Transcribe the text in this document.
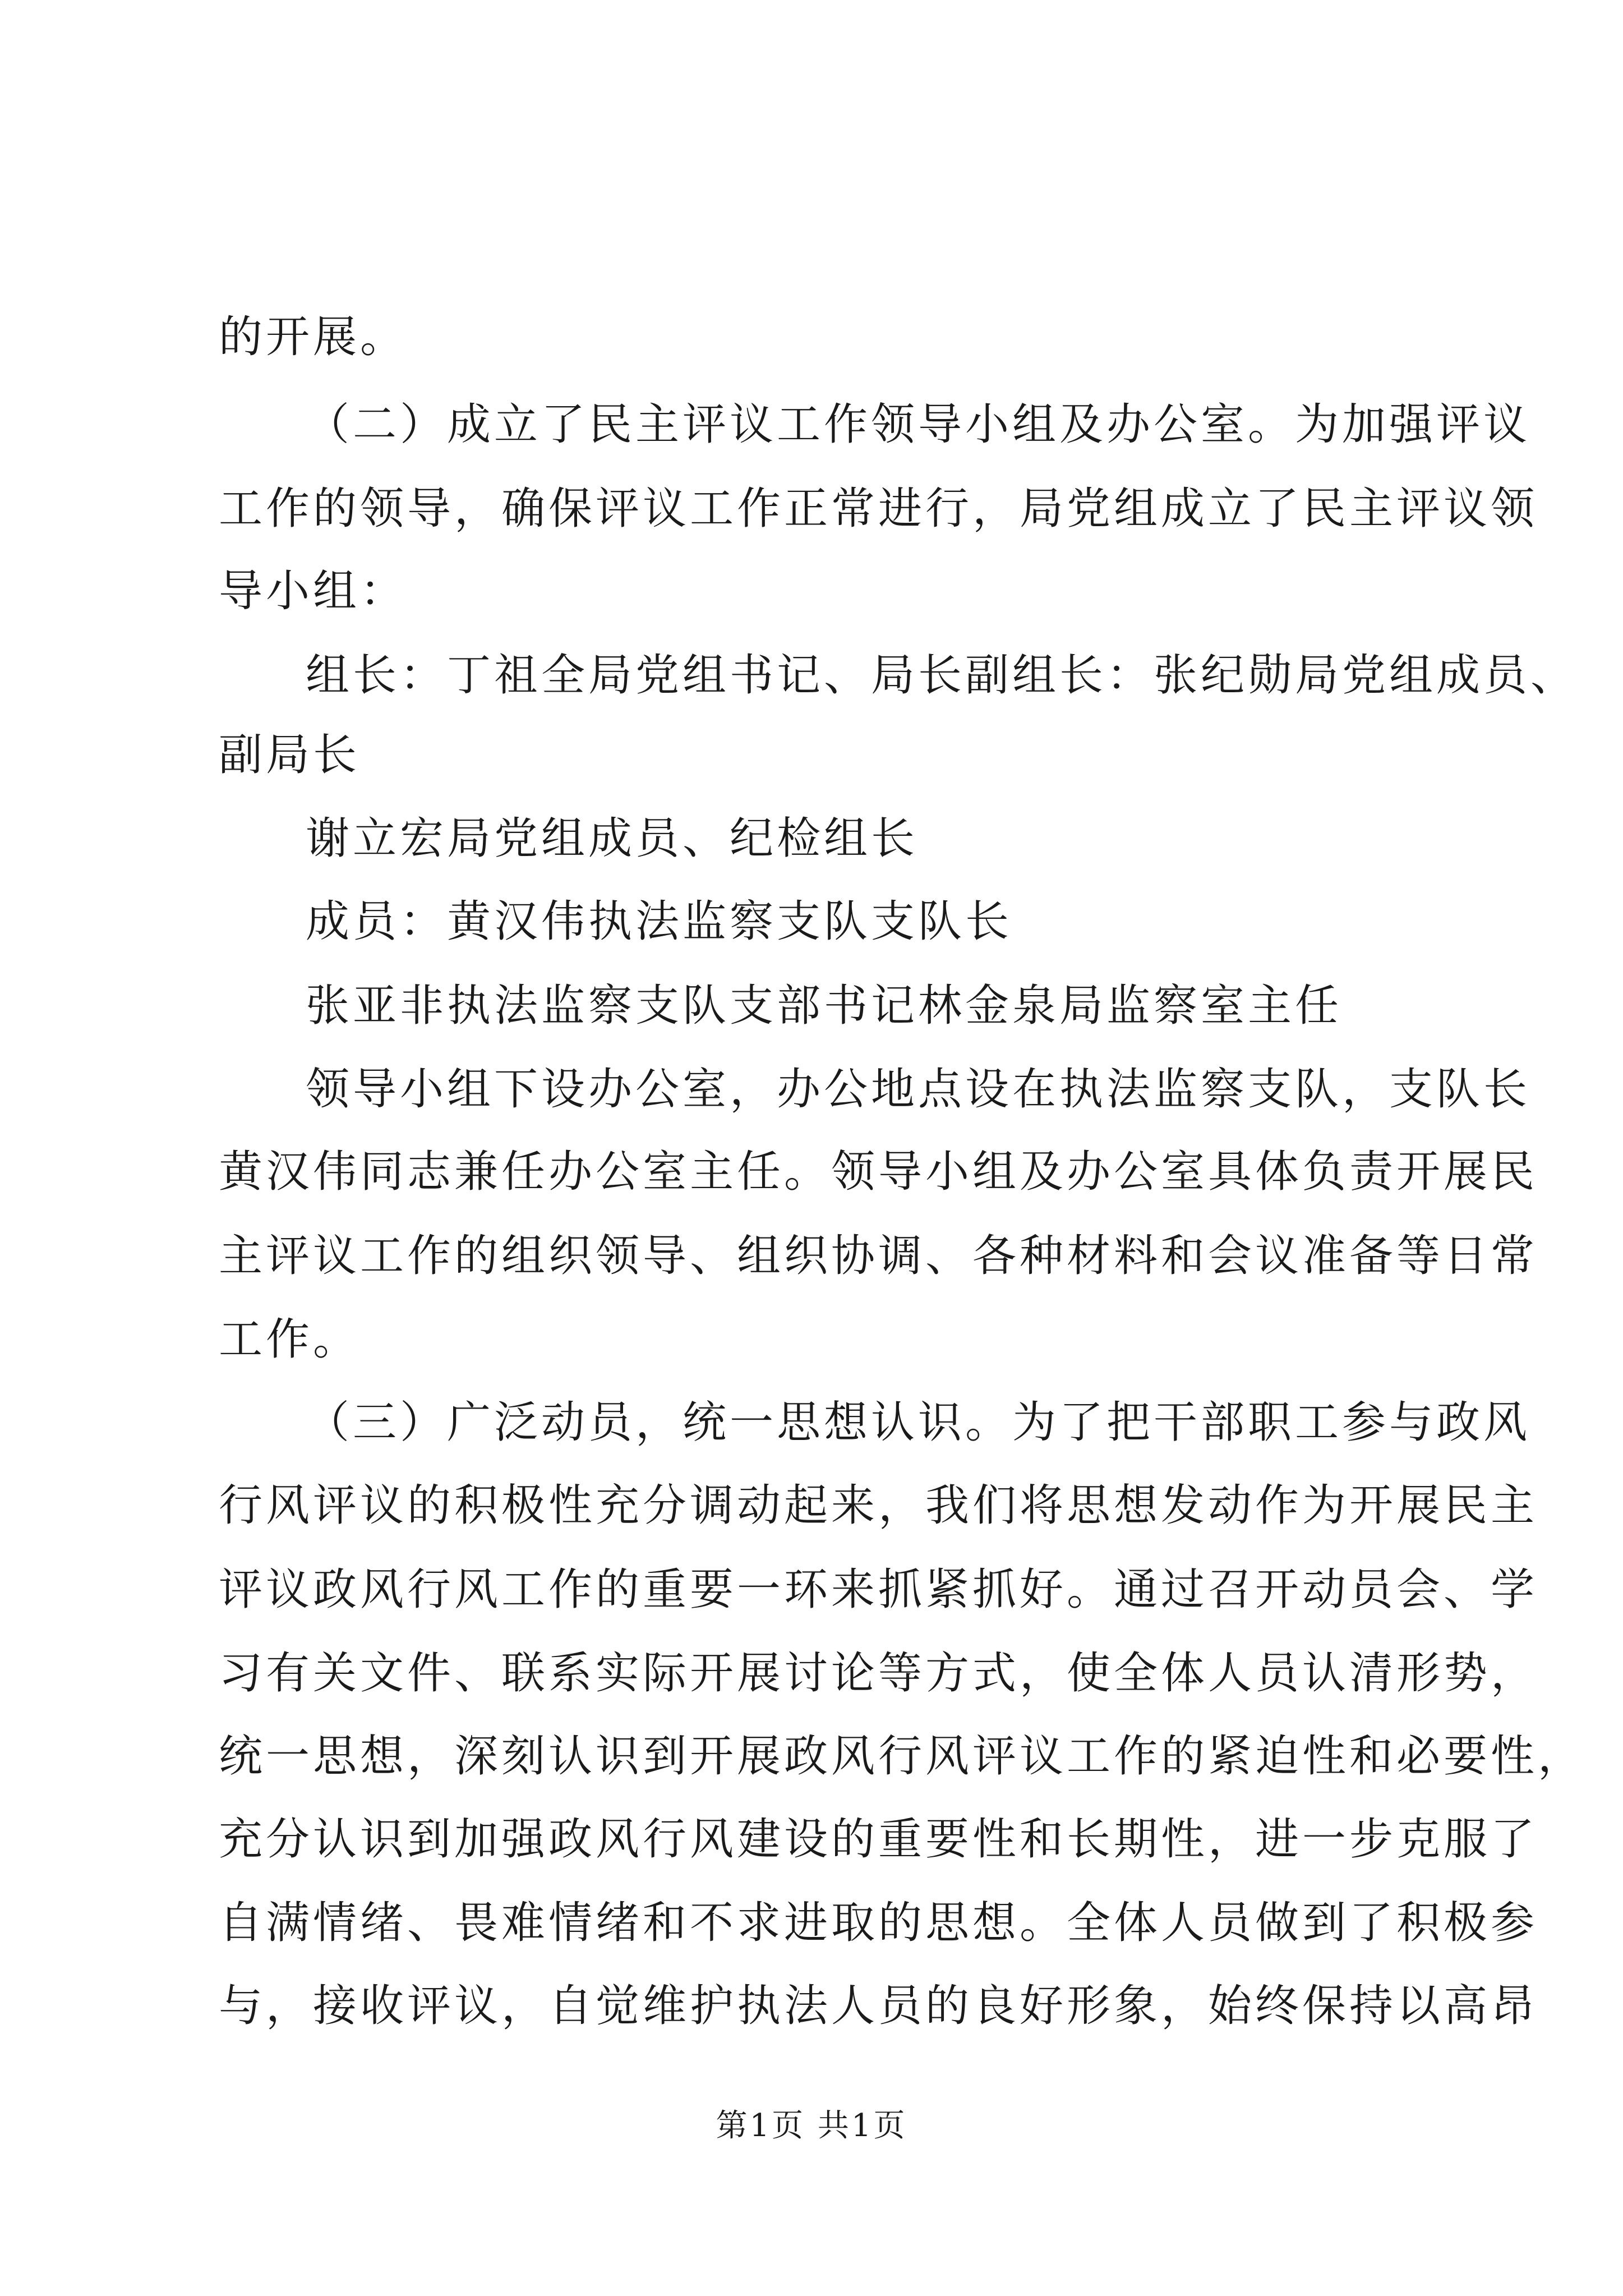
的开展。
（二）成立了民主评议工作领导小组及办公室。为加强评议
工作的领导，确保评议工作正常进行，局党组成立了民主评议领
导小组：
组长：丁祖全局党组书记、局长副组长：张纪勋局党组成员、
副局长
谢立宏局党组成员、纪检组长
成员：黄汉伟执法监察支队支队长
张亚非执法监察支队支部书记林金泉局监察室主任
领导小组下设办公室，办公地点设在执法监察支队，支队长
黄汉伟同志兼任办公室主任。领导小组及办公室具体负责开展民
主评议工作的组织领导、组织协调、各种材料和会议准备等日常
工作。
（三）广泛动员，统一思想认识。为了把干部职工参与政风
行风评议的积极性充分调动起来，我们将思想发动作为开展民主
评议政风行风工作的重要一环来抓紧抓好。通过召开动员会、学
习有关文件、联系实际开展讨论等方式，使全体人员认清形势，
统一思想，深刻认识到开展政风行风评议工作的紧迫性和必要性，
充分认识到加强政风行风建设的重要性和长期性，进一步克服了
自满情绪、畏难情绪和不求进取的思想。全体人员做到了积极参
与，接收评议，自觉维护执法人员的良好形象，始终保持以高昂
第1页 共1页
